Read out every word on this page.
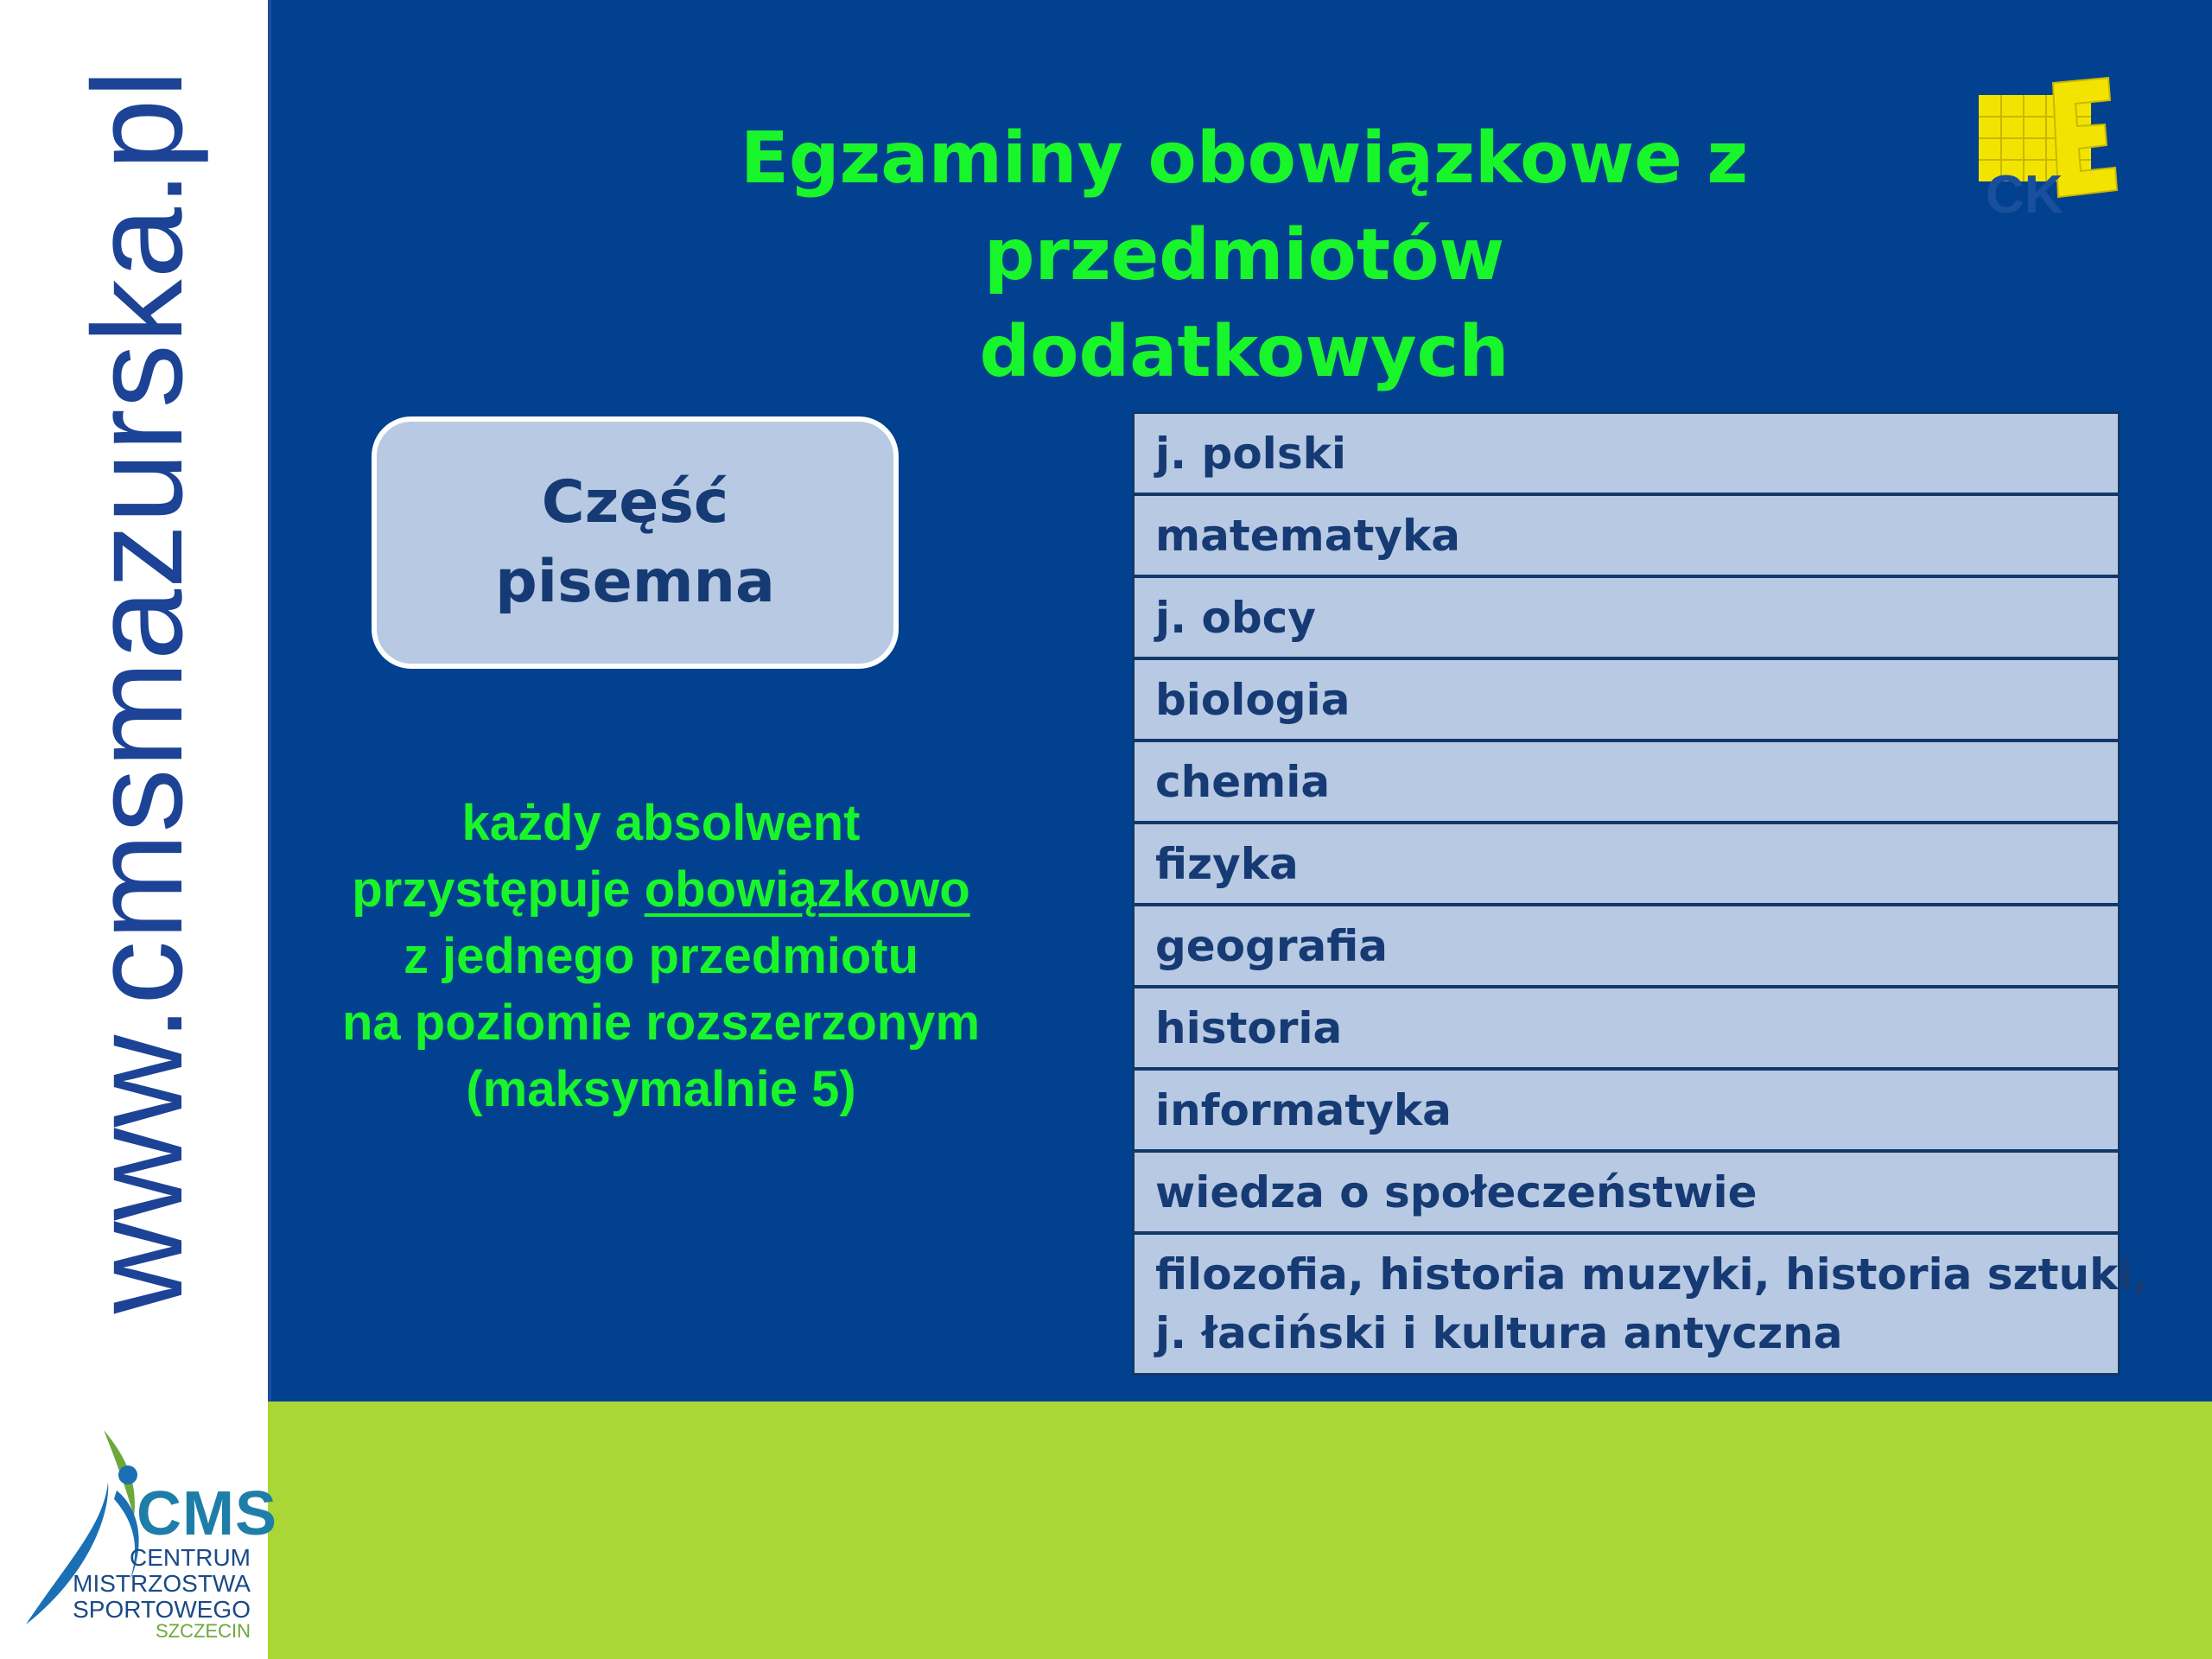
www.cmsmazurska.pl	Egzaminy obowiązkowe z przedmiotów
dodatkowych
CK
Część
pisemna
każdy absolwent
przystępuje obowiązkowo
z jednego przedmiotu
na poziomie rozszerzonym
(maksymalnie 5)
j. polski
matematyka
j. obcy
biologia
chemia
fizyka
geografia
historia
informatyka
wiedza o społeczeństwie
filozofia, historia muzyki, historia sztuki,
j. łaciński i kultura antyczna
CMS
CENTRUM
MISTRZOSTWA
SPORTOWEGO
SZCZECIN
